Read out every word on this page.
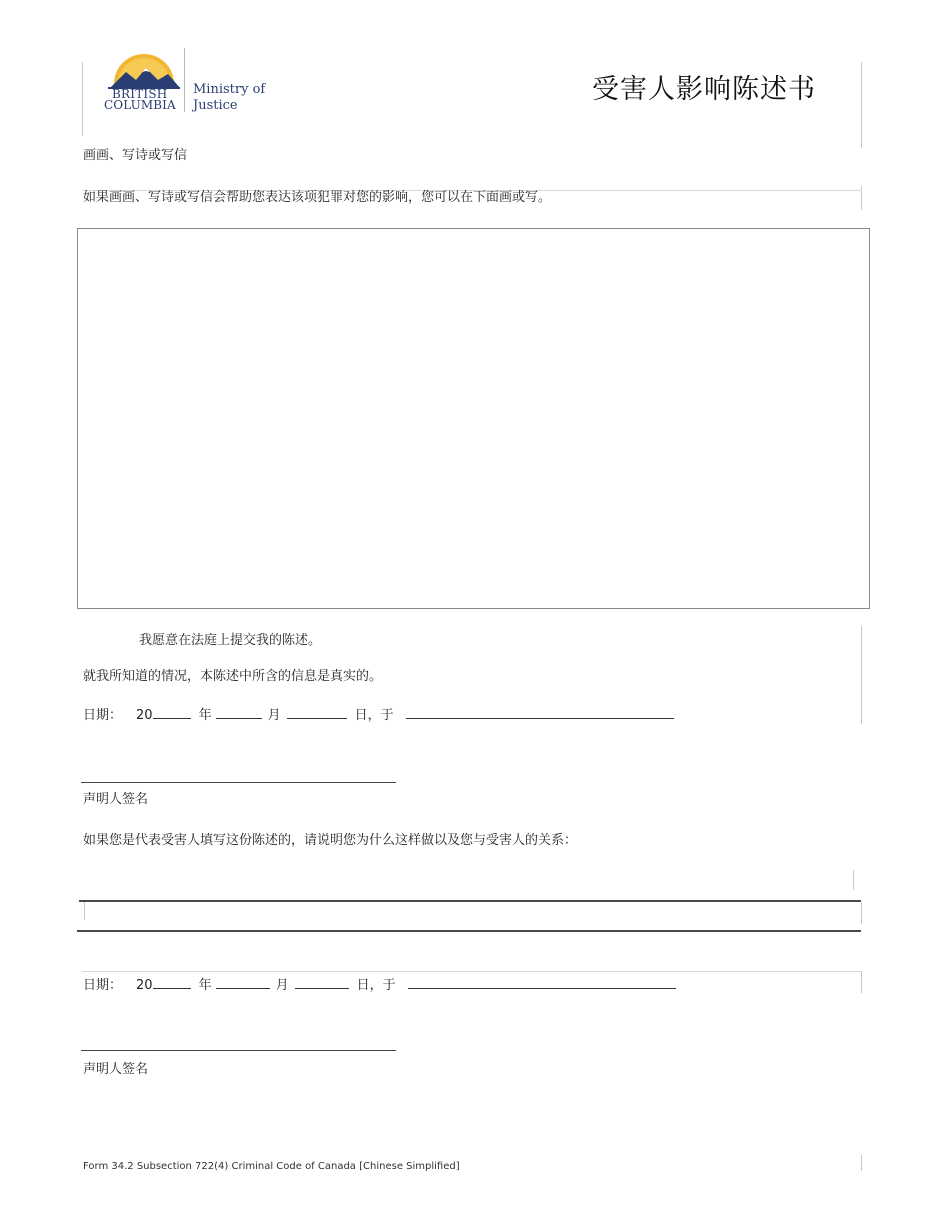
BRITISH
COLUMBIA
Ministry of
Justice
受害人影响陈述书
画画、写诗或写信
如果画画、写诗或写信会帮助您表达该项犯罪对您的影响，您可以在下面画或写。
我愿意在法庭上提交我的陈述。
就我所知道的情况，本陈述中所含的信息是真实的。
日期： 20	年	月	日，于
声明人签名
如果您是代表受害人填写这份陈述的，请说明您为什么这样做以及您与受害人的关系：
日期： 20	年	月	日，于
声明人签名
Form 34.2 Subsection 722(4) Criminal Code of Canada [Chinese Simplified]
